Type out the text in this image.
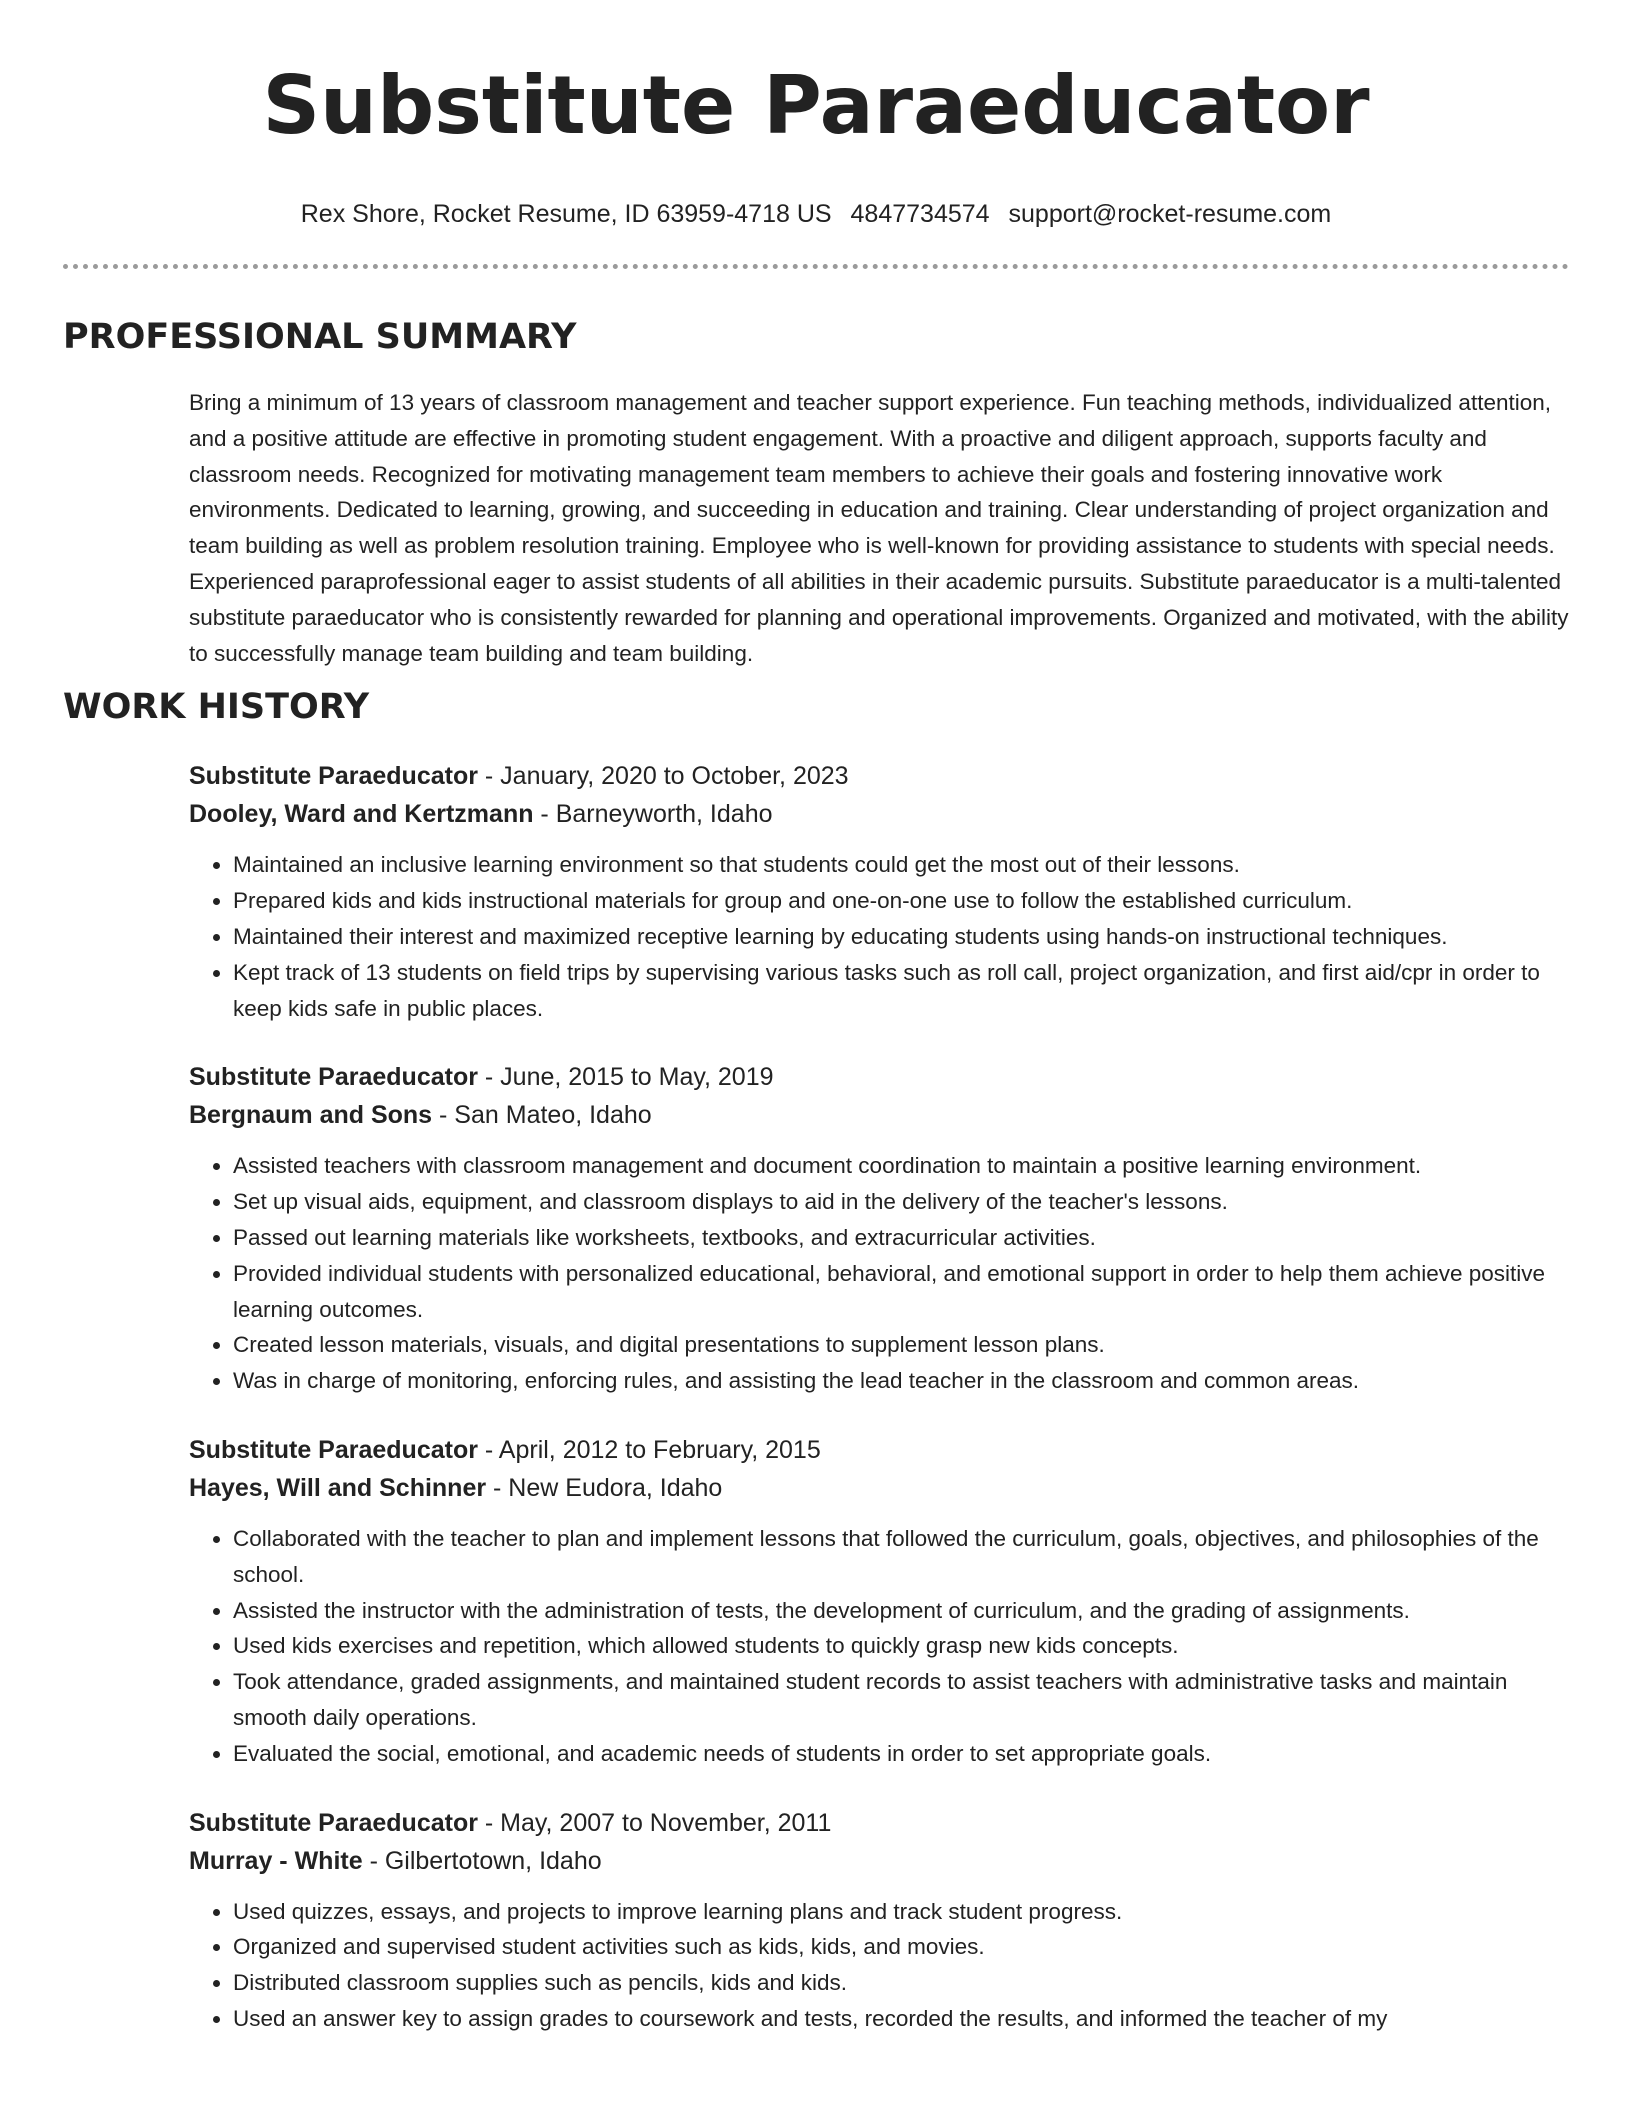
Substitute Paraeducator
Rex Shore, Rocket Resume, ID 63959-4718 US 4847734574 support@rocket-resume.com
PROFESSIONAL SUMMARY
Bring a minimum of 13 years of classroom management and teacher support experience. Fun teaching methods, individualized attention, and a positive attitude are effective in promoting student engagement. With a proactive and diligent approach, supports faculty and classroom needs. Recognized for motivating management team members to achieve their goals and fostering innovative work environments. Dedicated to learning, growing, and succeeding in education and training. Clear understanding of project organization and team building as well as problem resolution training. Employee who is well-known for providing assistance to students with special needs. Experienced paraprofessional eager to assist students of all abilities in their academic pursuits. Substitute paraeducator is a multi-talented substitute paraeducator who is consistently rewarded for planning and operational improvements. Organized and motivated, with the ability to successfully manage team building and team building.
WORK HISTORY
Substitute Paraeducator - January, 2020 to October, 2023
Dooley, Ward and Kertzmann - Barneyworth, Idaho
• Maintained an inclusive learning environment so that students could get the most out of their lessons.
• Prepared kids and kids instructional materials for group and one-on-one use to follow the established curriculum.
• Maintained their interest and maximized receptive learning by educating students using hands-on instructional techniques.
• Kept track of 13 students on field trips by supervising various tasks such as roll call, project organization, and first aid/cpr in order to keep kids safe in public places.
Substitute Paraeducator - June, 2015 to May, 2019
Bergnaum and Sons - San Mateo, Idaho
• Assisted teachers with classroom management and document coordination to maintain a positive learning environment.
• Set up visual aids, equipment, and classroom displays to aid in the delivery of the teacher's lessons.
• Passed out learning materials like worksheets, textbooks, and extracurricular activities.
• Provided individual students with personalized educational, behavioral, and emotional support in order to help them achieve positive learning outcomes.
• Created lesson materials, visuals, and digital presentations to supplement lesson plans.
• Was in charge of monitoring, enforcing rules, and assisting the lead teacher in the classroom and common areas.
Substitute Paraeducator - April, 2012 to February, 2015
Hayes, Will and Schinner - New Eudora, Idaho
• Collaborated with the teacher to plan and implement lessons that followed the curriculum, goals, objectives, and philosophies of the school.
• Assisted the instructor with the administration of tests, the development of curriculum, and the grading of assignments.
• Used kids exercises and repetition, which allowed students to quickly grasp new kids concepts.
• Took attendance, graded assignments, and maintained student records to assist teachers with administrative tasks and maintain smooth daily operations.
• Evaluated the social, emotional, and academic needs of students in order to set appropriate goals.
Substitute Paraeducator - May, 2007 to November, 2011
Murray - White - Gilbertotown, Idaho
• Used quizzes, essays, and projects to improve learning plans and track student progress.
• Organized and supervised student activities such as kids, kids, and movies.
• Distributed classroom supplies such as pencils, kids and kids.
• Used an answer key to assign grades to coursework and tests, recorded the results, and informed the teacher of my
